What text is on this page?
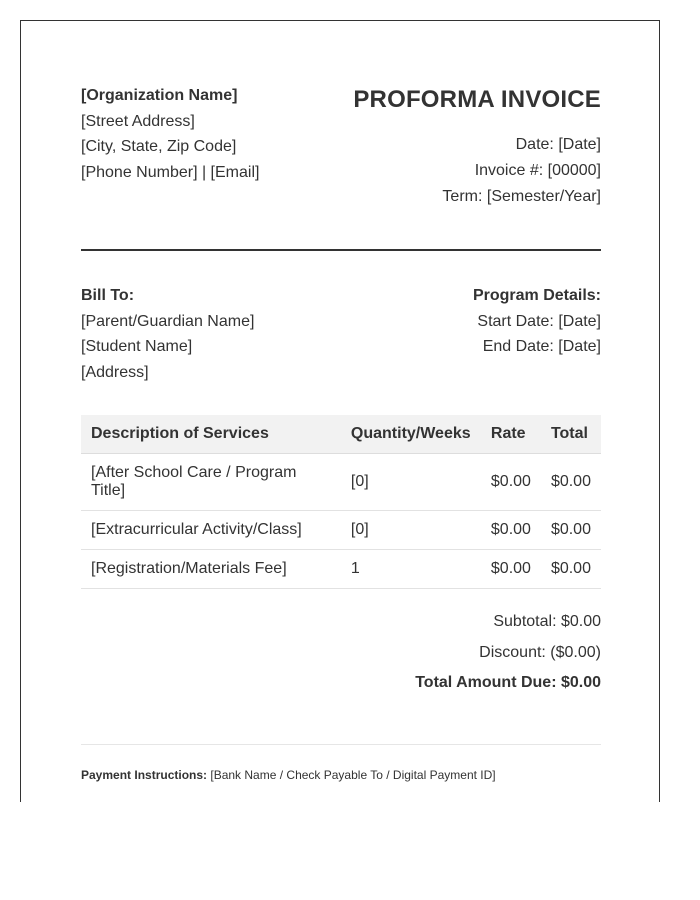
[Organization Name]
[Street Address]
[City, State, Zip Code]
[Phone Number] | [Email]
PROFORMA INVOICE
Date: [Date]
Invoice #: [00000]
Term: [Semester/Year]
Bill To:
[Parent/Guardian Name]
[Student Name]
[Address]
Program Details:
Start Date: [Date]
End Date: [Date]
Description of Services	Quantity/Weeks	Rate	Total
[After School Care / Program Title]	[0]	$0.00	$0.00
[Extracurricular Activity/Class]	[0]	$0.00	$0.00
[Registration/Materials Fee]	1	$0.00	$0.00
Subtotal: $0.00
Discount: ($0.00)
Total Amount Due: $0.00
Payment Instructions: [Bank Name / Check Payable To / Digital Payment ID]
